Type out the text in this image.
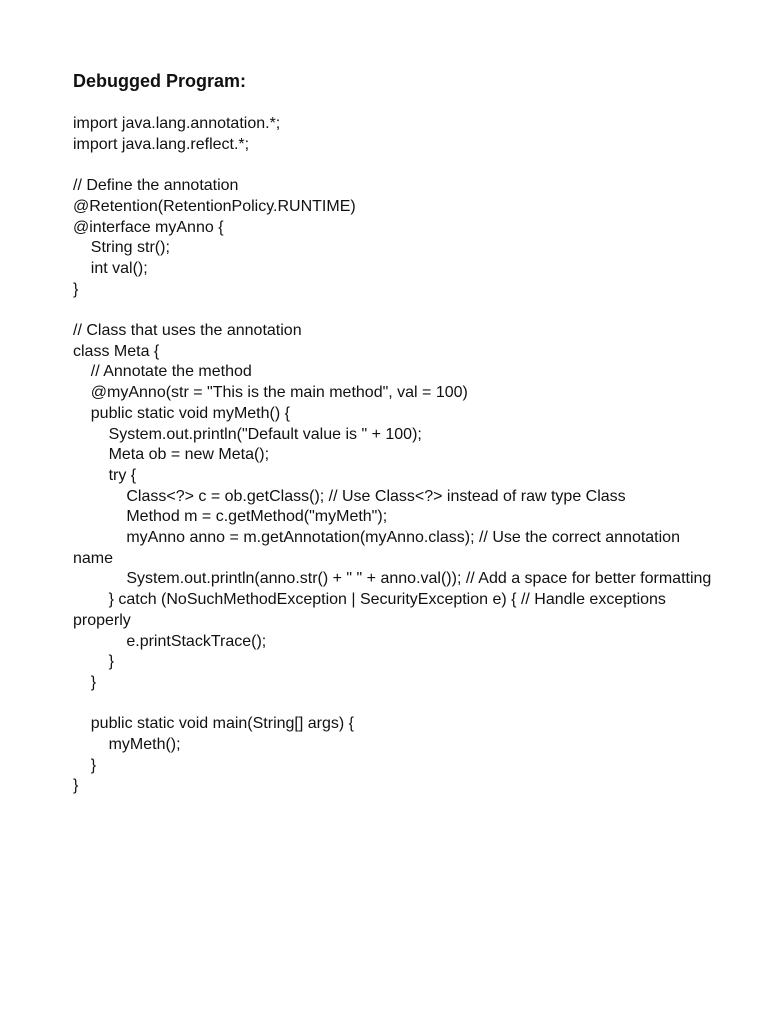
Debugged Program:
import java.lang.annotation.*;
import java.lang.reflect.*;
// Define the annotation
@Retention(RetentionPolicy.RUNTIME)
@interface myAnno {
String str();
int val();
}
// Class that uses the annotation
class Meta {
// Annotate the method
@myAnno(str = "This is the main method", val = 100)
public static void myMeth() {
System.out.println("Default value is " + 100);
Meta ob = new Meta();
try {
Class<?> c = ob.getClass(); // Use Class<?> instead of raw type Class
Method m = c.getMethod("myMeth");
myAnno anno = m.getAnnotation(myAnno.class); // Use the correct annotation name
System.out.println(anno.str() + " " + anno.val()); // Add a space for better formatting
} catch (NoSuchMethodException | SecurityException e) { // Handle exceptions properly
e.printStackTrace();
}
}
public static void main(String[] args) {
myMeth();
}
}
